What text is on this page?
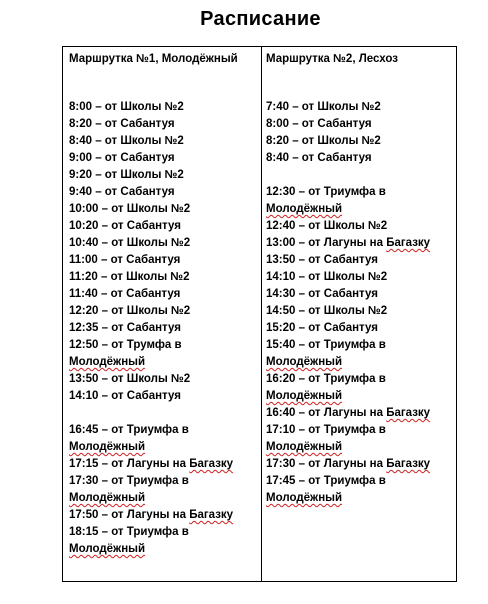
Расписание
Маршрутка №1, Молодёжный
8:00 – от Школы №2
8:20 – от Сабантуя
8:40 – от Школы №2
9:00 – от Сабантуя
9:20 – от Школы №2
9:40 – от Сабантуя
10:00 – от Школы №2
10:20 – от Сабантуя
10:40 – от Школы №2
11:00 – от Сабантуя
11:20 – от Школы №2
11:40 – от Сабантуя
12:20 – от Школы №2
12:35 – от Сабантуя
12:50 – от Трумфа в
Молодёжный
13:50 – от Школы №2
14:10 – от Сабантуя
16:45 – от Триумфа в
Молодёжный
17:15 – от Лагуны на Багазку
17:30 – от Триумфа в
Молодёжный
17:50 – от Лагуны на Багазку
18:15 – от Триумфа в
Молодёжный
Маршрутка №2, Лесхоз
7:40 – от Школы №2
8:00 – от Сабантуя
8:20 – от Школы №2
8:40 – от Сабантуя
12:30 – от Триумфа в
Молодёжный
12:40 – от Школы №2
13:00 – от Лагуны на Багазку
13:50 – от Сабантуя
14:10 – от Школы №2
14:30 – от Сабантуя
14:50 – от Школы №2
15:20 – от Сабантуя
15:40 – от Триумфа в
Молодёжный
16:20 – от Триумфа в
Молодёжный
16:40 – от Лагуны на Багазку
17:10 – от Триумфа в
Молодёжный
17:30 – от Лагуны на Багазку
17:45 – от Триумфа в
Молодёжный
